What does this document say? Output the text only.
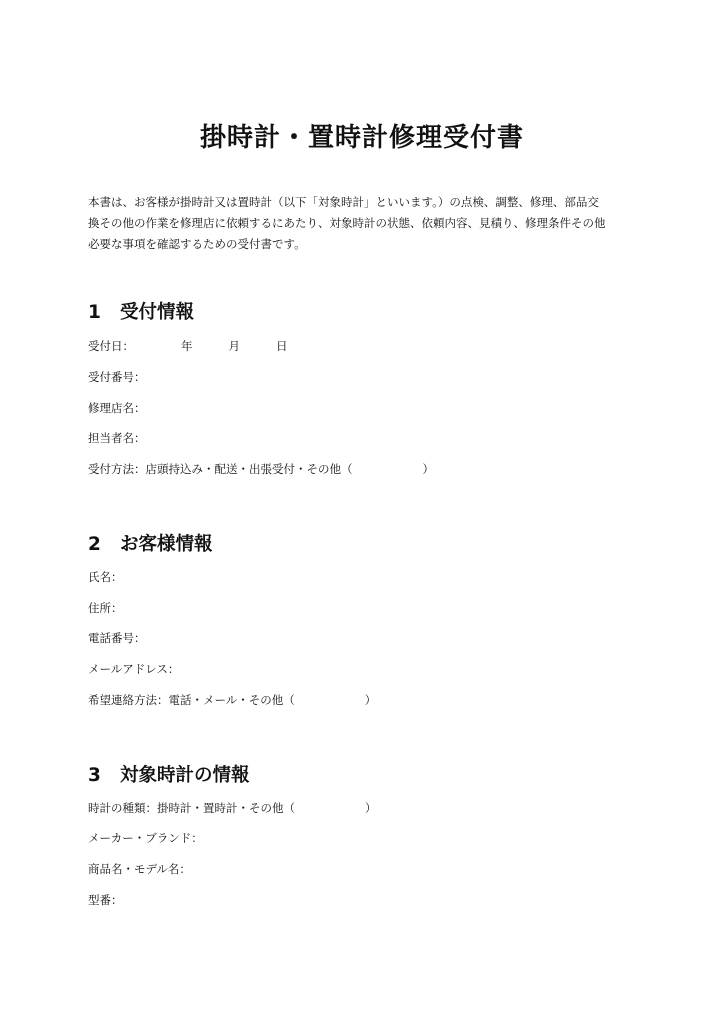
掛時計・置時計修理受付書

本書は、お客様が掛時計又は置時計（以下「対象時計」といいます。）の点検、調整、修理、部品交
換その他の作業を修理店に依頼するにあたり、対象時計の状態、依頼内容、見積り、修理条件その他
必要な事項を確認するための受付書です。

1 受付情報
受付日：	年	月	日
受付番号：
修理店名：
担当者名：
受付方法：店頭持込み・配送・出張受付・その他（	）
2 お客様情報
氏名：
住所：
電話番号：
メールアドレス：
希望連絡方法：電話・メール・その他（	）
3 対象時計の情報
時計の種類：掛時計・置時計・その他（	）
メーカー・ブランド：
商品名・モデル名：
型番：
